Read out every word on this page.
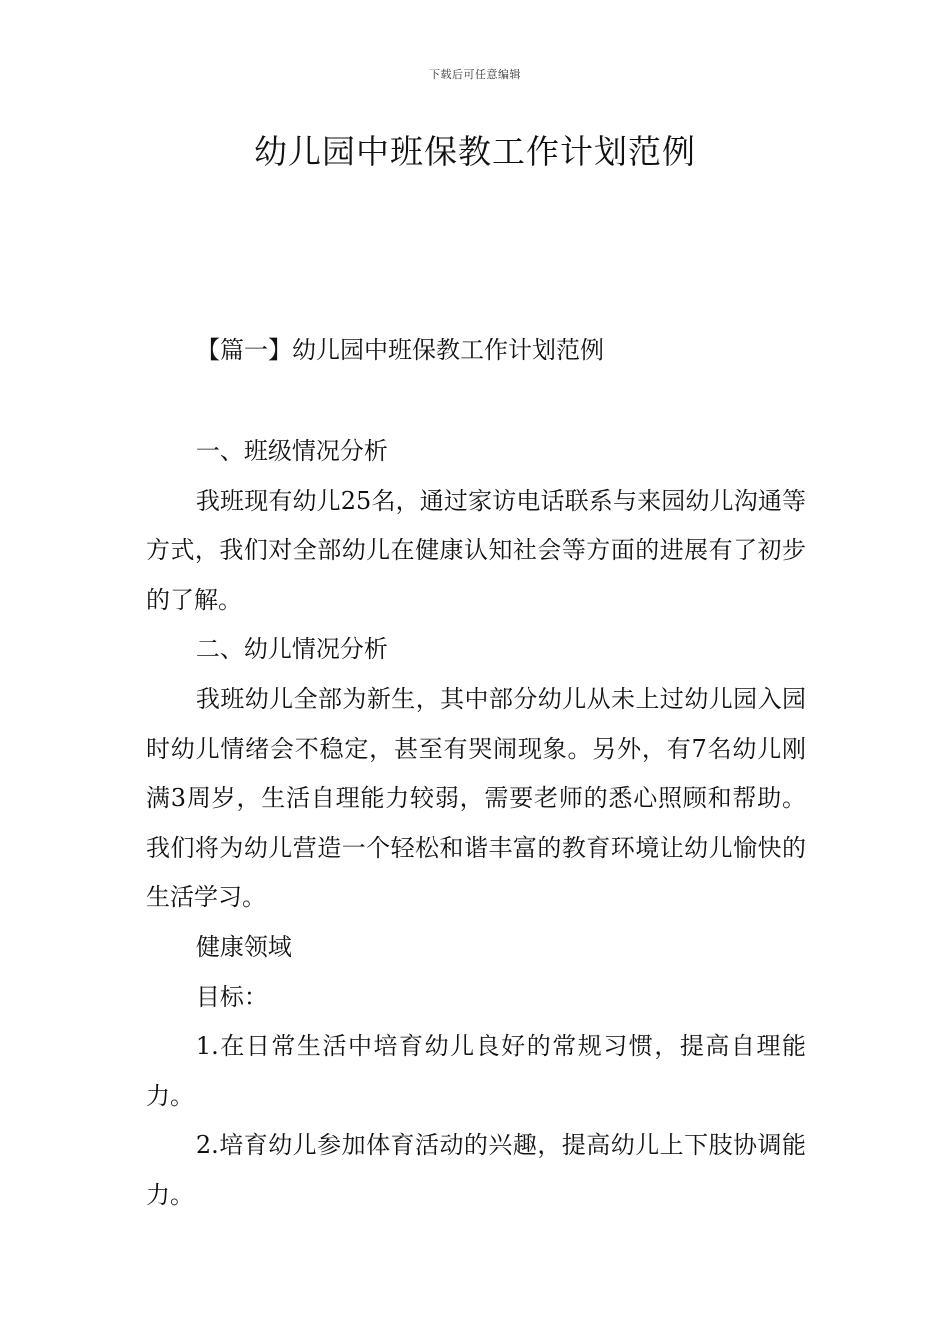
下载后可任意编辑
幼儿园中班保教工作计划范例
【篇一】幼儿园中班保教工作计划范例

一、班级情况分析

我班现有幼儿25名，通过家访电话联系与来园幼儿沟通等方式，我们对全部幼儿在健康认知社会等方面的进展有了初步的了解。

二、幼儿情况分析

我班幼儿全部为新生，其中部分幼儿从未上过幼儿园入园时幼儿情绪会不稳定，甚至有哭闹现象。另外，有7名幼儿刚满3周岁，生活自理能力较弱，需要老师的悉心照顾和帮助。我们将为幼儿营造一个轻松和谐丰富的教育环境让幼儿愉快的生活学习。

健康领域

目标：

1.在日常生活中培育幼儿良好的常规习惯，提高自理能力。

2.培育幼儿参加体育活动的兴趣，提高幼儿上下肢协调能力。
